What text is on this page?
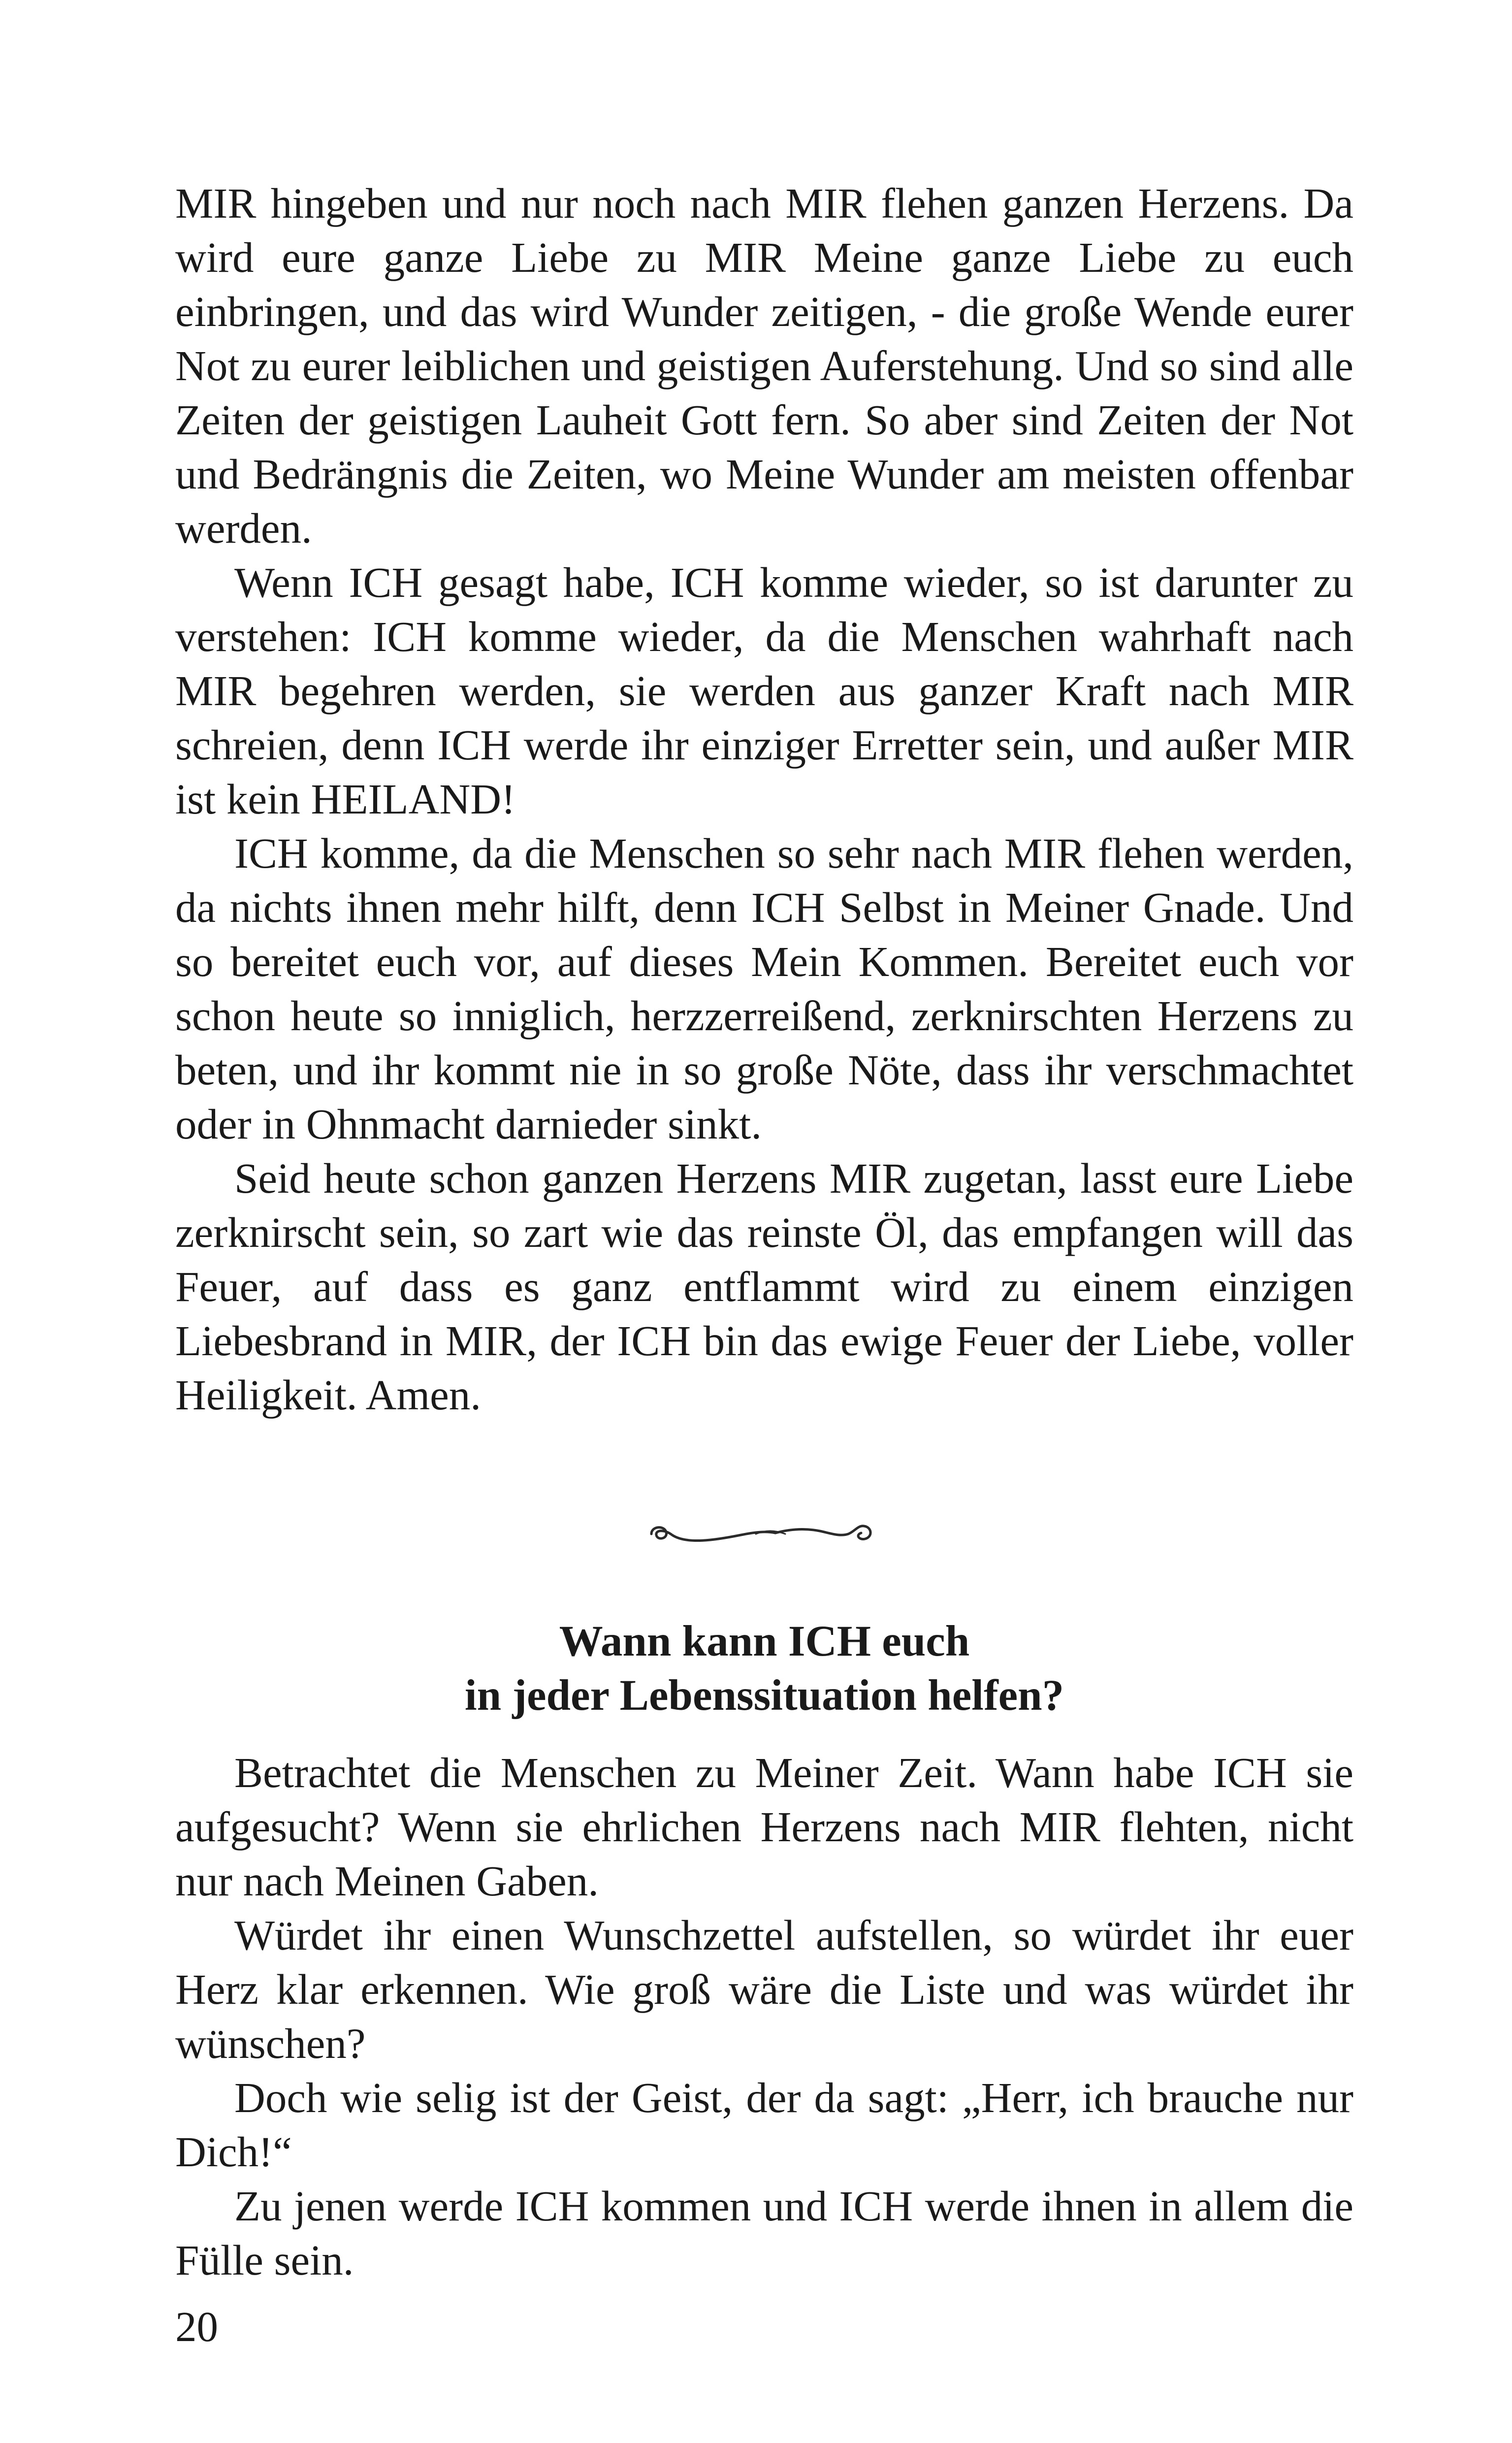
MIR hingeben und nur noch nach MIR flehen ganzen Herzens. Da wird eure ganze Liebe zu MIR Meine ganze Liebe zu euch einbringen, und das wird Wunder zeitigen, - die große Wende eurer Not zu eurer leiblichen und geistigen Auferstehung. Und so sind alle Zeiten der geistigen Lauheit Gott fern. So aber sind Zeiten der Not und Bedrängnis die Zeiten, wo Meine Wunder am meisten offenbar werden.

Wenn ICH gesagt habe, ICH komme wieder, so ist darunter zu verstehen: ICH komme wieder, da die Menschen wahrhaft nach MIR begehren werden, sie werden aus ganzer Kraft nach MIR schreien, denn ICH werde ihr einziger Erretter sein, und außer MIR ist kein HEILAND!

ICH komme, da die Menschen so sehr nach MIR flehen werden, da nichts ihnen mehr hilft, denn ICH Selbst in Meiner Gnade. Und so bereitet euch vor, auf dieses Mein Kommen. Bereitet euch vor schon heute so inniglich, herzzerreißend, zerknirschten Herzens zu beten, und ihr kommt nie in so große Nöte, dass ihr verschmachtet oder in Ohnmacht darnieder sinkt.

Seid heute schon ganzen Herzens MIR zugetan, lasst eure Liebe zerknirscht sein, so zart wie das reinste Öl, das empfangen will das Feuer, auf dass es ganz entflammt wird zu einem einzigen Liebesbrand in MIR, der ICH bin das ewige Feuer der Liebe, voller Heiligkeit. Amen.

Wann kann ICH euch
in jeder Lebenssituation helfen?

Betrachtet die Menschen zu Meiner Zeit. Wann habe ICH sie aufgesucht? Wenn sie ehrlichen Herzens nach MIR flehten, nicht nur nach Meinen Gaben.

Würdet ihr einen Wunschzettel aufstellen, so würdet ihr euer Herz klar erkennen. Wie groß wäre die Liste und was würdet ihr wünschen?

Doch wie selig ist der Geist, der da sagt: „Herr, ich brauche nur Dich!“

Zu jenen werde ICH kommen und ICH werde ihnen in allem die Fülle sein.

20
